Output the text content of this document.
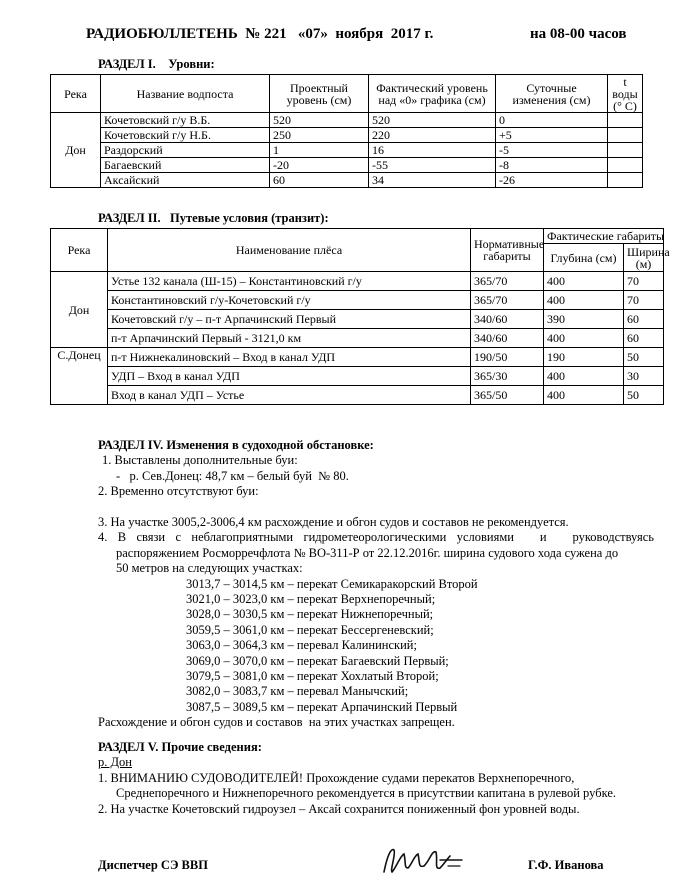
РАДИОБЮЛЛЕТЕНЬ  № 221   «07»  ноября  2017 г.	на 08-00 часов
РАЗДЕЛ I.    Уровни:
Река	Название водпоста	Проектный уровень (см)	Фактический уровень над «0» графика (см)	Суточные изменения (см)	t воды (° С)
Дон	Кочетовский г/у В.Б.	520	520	0	
	Кочетовский г/у Н.Б.	250	220	+5	
	Раздорский	1	16	-5	
	Багаевский	-20	-55	-8	
	Аксайский	60	34	-26	
РАЗДЕЛ II.   Путевые условия (транзит):
Река	Наименование плёса	Нормативные габариты	Фактические габариты	
			Глубина (см)	Ширина (м)
Дон	Устье 132 канала (Ш-15) – Константиновский г/у	365/70	400	70
	Константиновский г/у-Кочетовский г/у	365/70	400	70
	Кочетовский г/у – п-т Арпачинский Первый	340/60	390	60
	п-т Арпачинский Первый - 3121,0 км	340/60	400	60
С.Донец	п-т Нижнекалиновский – Вход в канал УДП	190/50	190	50
	УДП – Вход в канал УДП	365/30	400	30
	Вход в канал УДП – Устье	365/50	400	50
РАЗДЕЛ IV. Изменения в судоходной обстановке:
1. Выставлены дополнительные буи:
-   р. Сев.Донец: 48,7 км – белый буй  № 80.
2. Временно отсутствуют буи:
3. На участке 3005,2-3006,4 км расхождение и обгон судов и составов не рекомендуется.
4.  В  связи  с  неблагоприятными  гидрометеорологическими  условиями     и     руководствуясь
распоряжением Росморречфлота № ВО-311-Р от 22.12.2016г. ширина судового хода сужена до
50 метров на следующих участках:
3013,7 – 3014,5 км – перекат Семикаракорский Второй
3021,0 – 3023,0 км – перекат Верхнепоречный;
3028,0 – 3030,5 км – перекат Нижнепоречный;
3059,5 – 3061,0 км – перекат Бессергеневский;
3063,0 – 3064,3 км – перевал Калининский;
3069,0 – 3070,0 км – перекат Багаевский Первый;
3079,5 – 3081,0 км – перекат Хохлатый Второй;
3082,0 – 3083,7 км – перевал Манычский;
3087,5 – 3089,5 км – перекат Арпачинский Первый
Расхождение и обгон судов и составов  на этих участках запрещен.
РАЗДЕЛ V. Прочие сведения:
р. Дон
1. ВНИМАНИЮ СУДОВОДИТЕЛЕЙ! Прохождение судами перекатов Верхнепоречного,
Среднепоречного и Нижнепоречного рекомендуется в присутствии капитана в рулевой рубке.
2. На участке Кочетовский гидроузел – Аксай сохранится пониженный фон уровней воды.
Диспетчер СЭ ВВП	Г.Ф. Иванова
